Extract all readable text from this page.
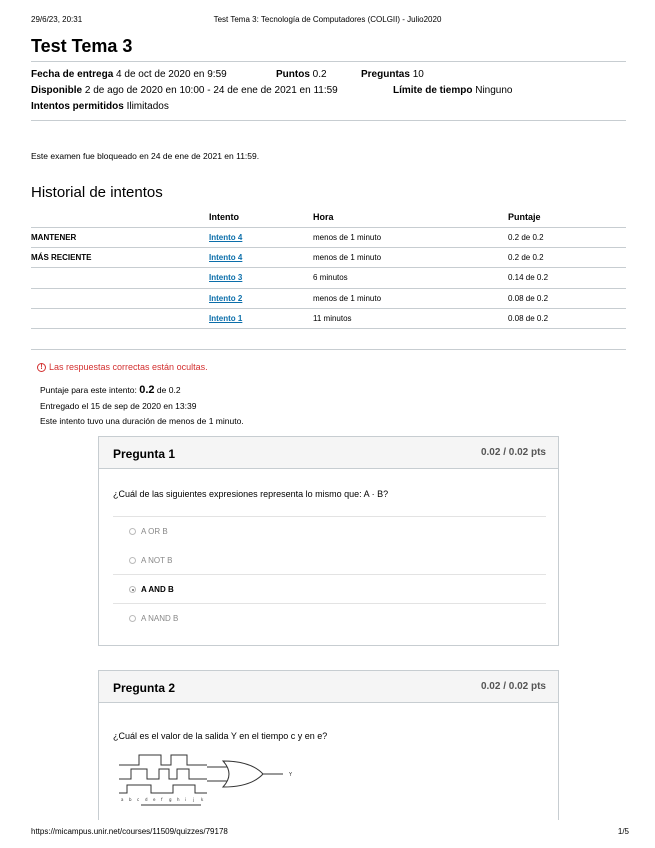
29/6/23, 20:31	Test Tema 3: Tecnología de Computadores (COLGII) - Julio2020
Test Tema 3
Fecha de entrega 4 de oct de 2020 en 9:59	Puntos 0.2	Preguntas 10
Disponible 2 de ago de 2020 en 10:00 - 24 de ene de 2021 en 11:59	Límite de tiempo Ninguno
Intentos permitidos Ilimitados
Este examen fue bloqueado en 24 de ene de 2021 en 11:59.
Historial de intentos
	Intento	Hora	Puntaje
MANTENER	Intento 4	menos de 1 minuto	0.2 de 0.2
MÁS RECIENTE	Intento 4	menos de 1 minuto	0.2 de 0.2
	Intento 3	6 minutos	0.14 de 0.2
	Intento 2	menos de 1 minuto	0.08 de 0.2
	Intento 1	11 minutos	0.08 de 0.2

! Las respuestas correctas están ocultas.
Puntaje para este intento: 0.2 de 0.2
Entregado el 15 de sep de 2020 en 13:39
Este intento tuvo una duración de menos de 1 minuto.
Pregunta 1	0.02 / 0.02 pts
¿Cuál de las siguientes expresiones representa lo mismo que: A · B?
A OR B
A NOT B
A AND B
A NAND B
Pregunta 2	0.02 / 0.02 pts
¿Cuál es el valor de la salida Y en el tiempo c y en e?
Y
a b c d e f g h i j k
https://micampus.unir.net/courses/11509/quizzes/79178	1/5
